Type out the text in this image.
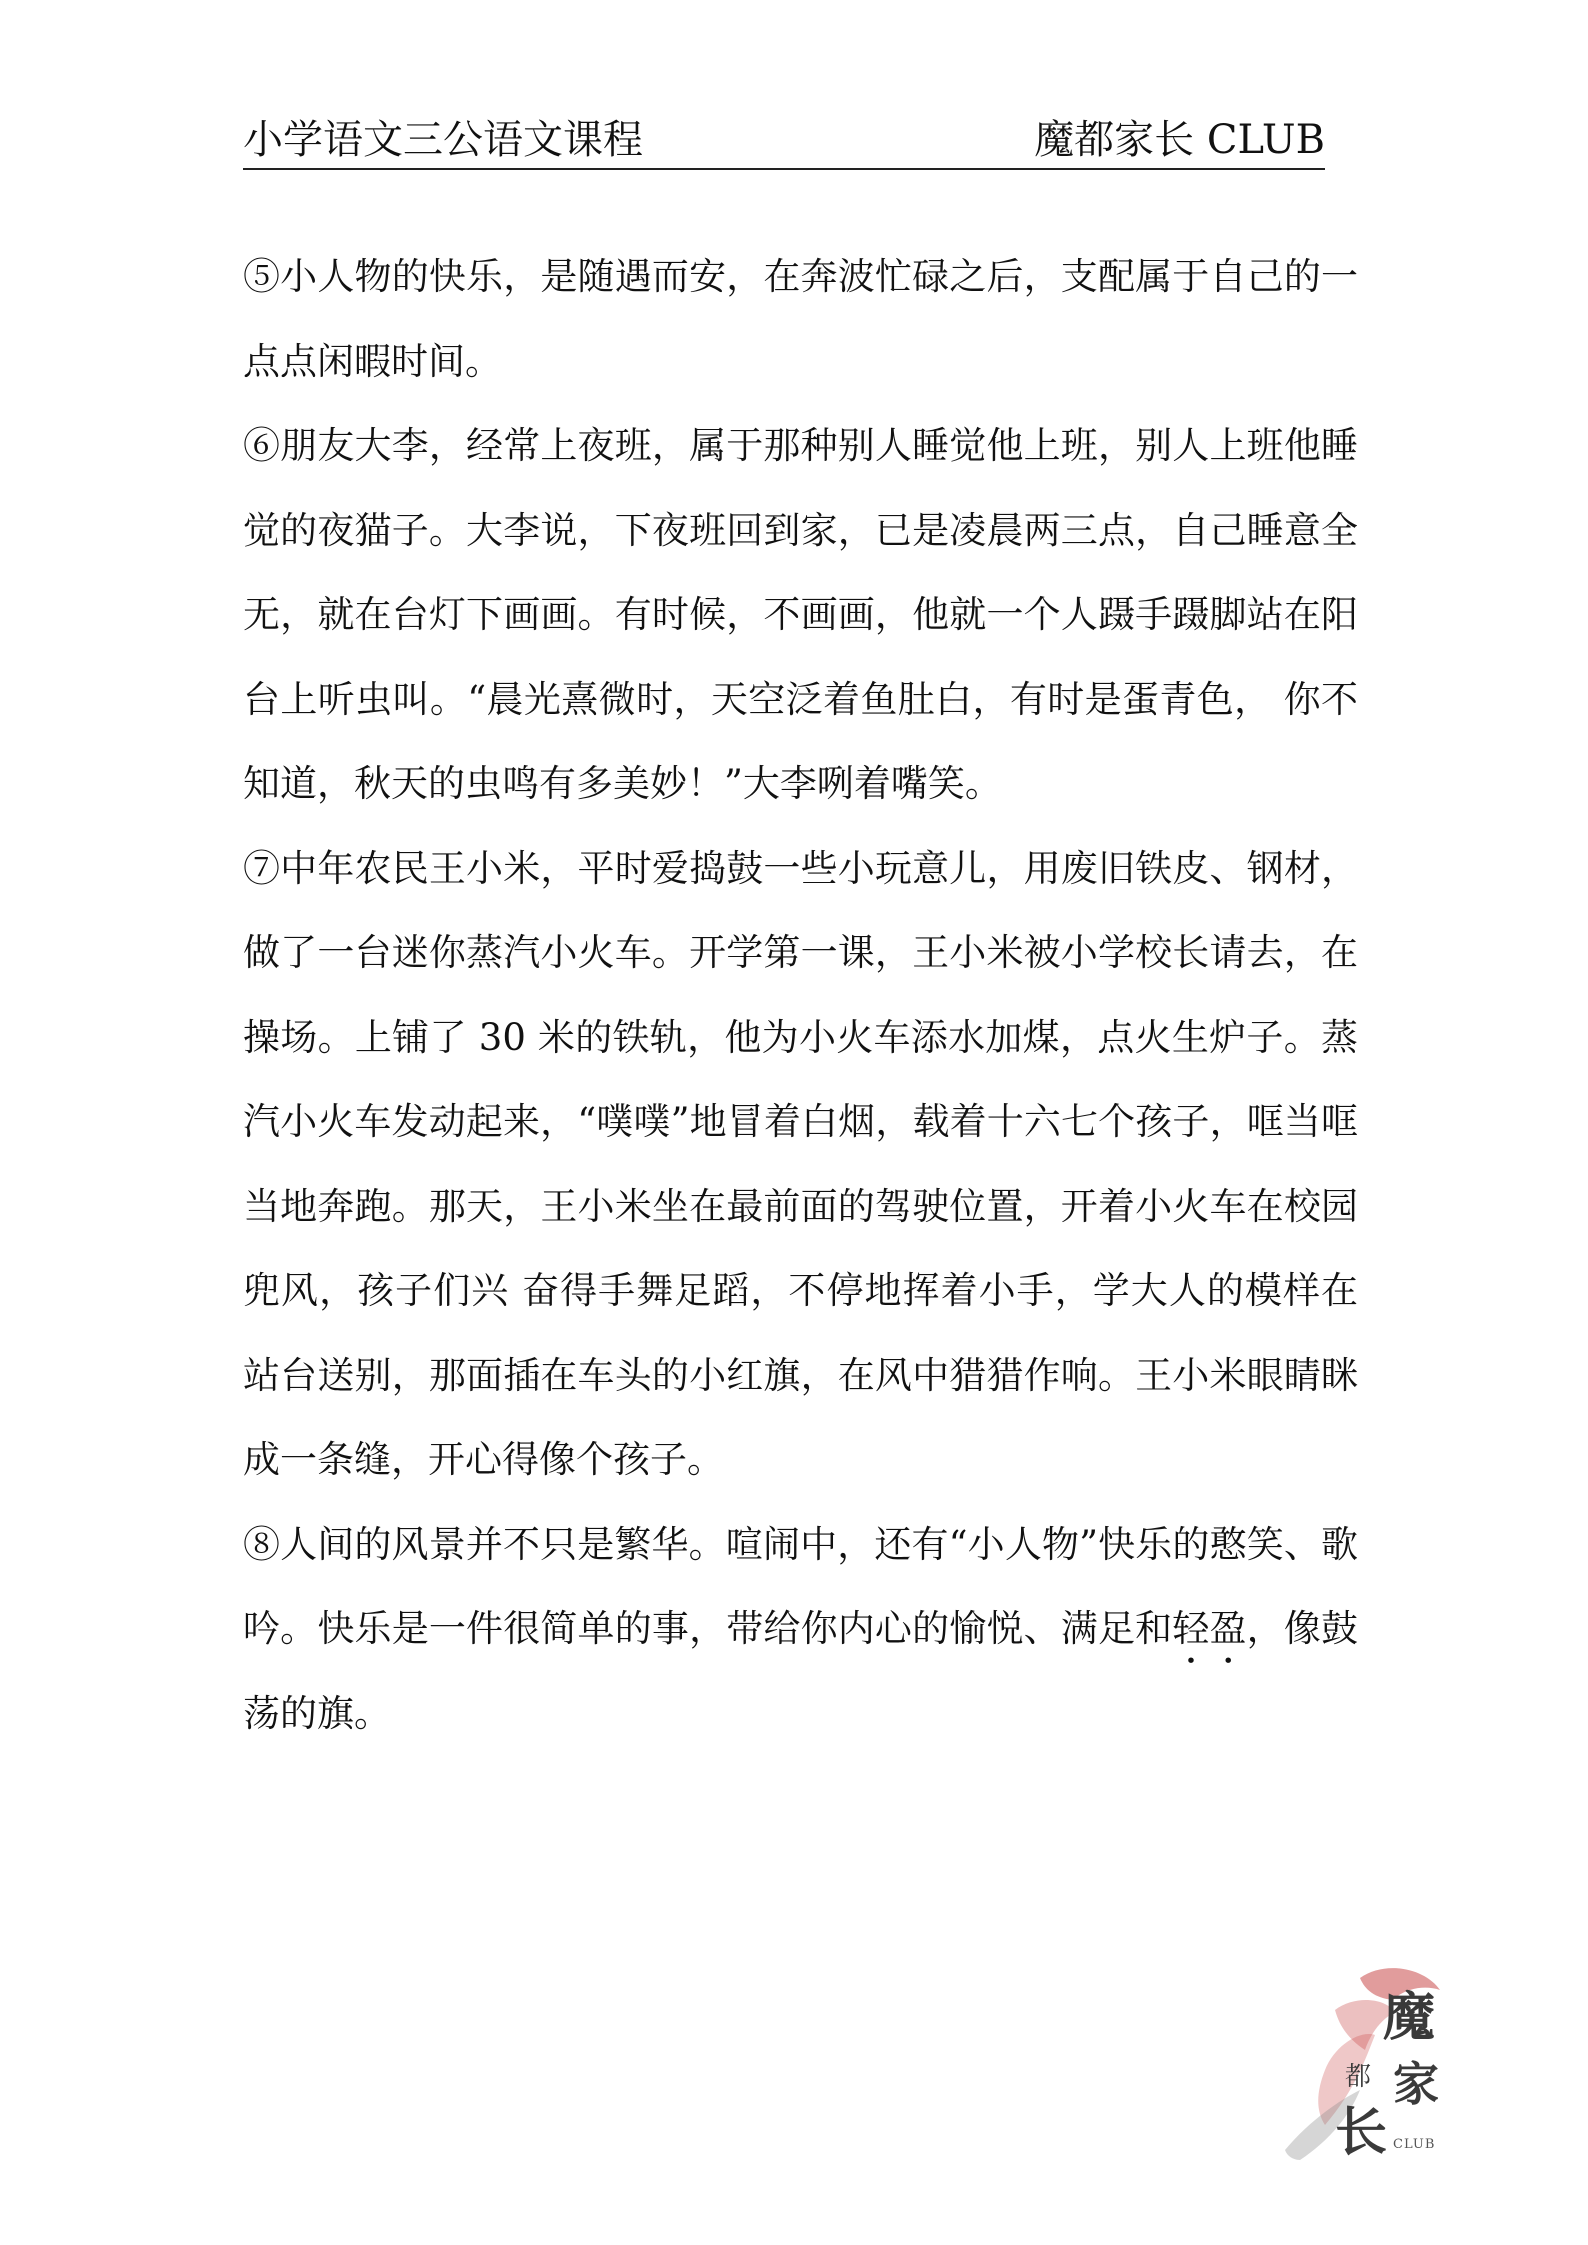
小学语文三公语文课程	魔都家长 CLUB

⑤小人物的快乐，是随遇而安，在奔波忙碌之后，支配属于自己的一点点闲暇时间。

⑥朋友大李，经常上夜班，属于那种别人睡觉他上班，别人上班他睡觉的夜猫子。大李说，下夜班回到家，已是凌晨两三点，自己睡意全无，就在台灯下画画。有时候，不画画，他就一个人蹑手蹑脚站在阳台上听虫叫。“晨光熹微时，天空泛着鱼肚白，有时是蛋青色， 你不知道，秋天的虫鸣有多美妙！”大李咧着嘴笑。

⑦中年农民王小米，平时爱捣鼓一些小玩意儿，用废旧铁皮、钢材，做了一台迷你蒸汽小火车。开学第一课，王小米被小学校长请去，在操场。上铺了 30 米的铁轨，他为小火车添水加煤，点火生炉子。蒸汽小火车发动起来，“噗噗”地冒着白烟，载着十六七个孩子，哐当哐当地奔跑。那天，王小米坐在最前面的驾驶位置，开着小火车在校园兜风，孩子们兴 奋得手舞足蹈，不停地挥着小手，学大人的模样在站台送别，那面插在车头的小红旗，在风中猎猎作响。王小米眼睛眯成一条缝，开心得像个孩子。

⑧人间的风景并不只是繁华。喧闹中，还有“小人物”快乐的憨笑、歌吟。快乐是一件很简单的事，带给你内心的愉悦、满足和轻盈，像鼓荡的旗。

魔
都 家
长 CLUB
